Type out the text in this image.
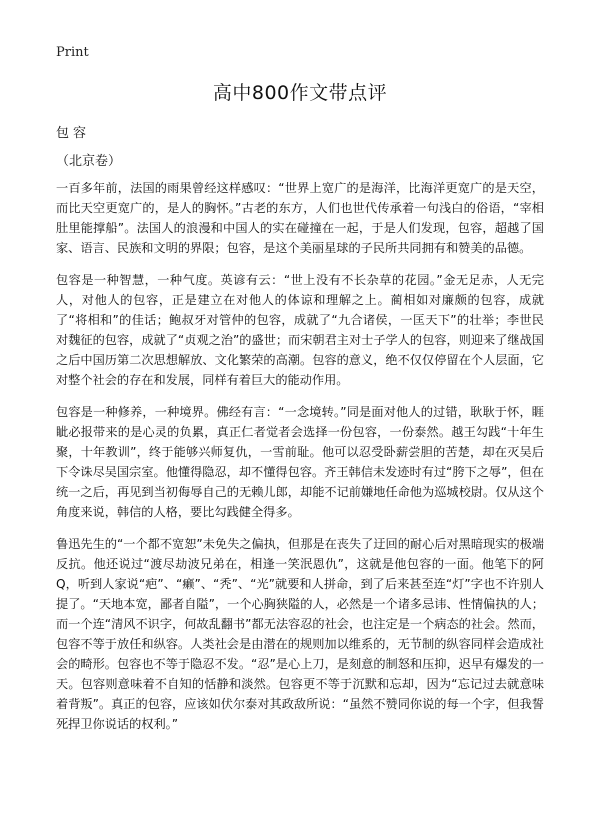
Print
高中800作文带点评
包容
（北京卷）

一百多年前，法国的雨果曾经这样感叹：“世界上宽广的是海洋，比海洋更宽广的是天空，而比天空更宽广的，是人的胸怀。”古老的东方，人们也世代传承着一句浅白的俗语，“宰相肚里能撑船”。法国人的浪漫和中国人的实在碰撞在一起，于是人们发现，包容，超越了国家、语言、民族和文明的界限；包容，是这个美丽星球的子民所共同拥有和赞美的品德。

包容是一种智慧，一种气度。英谚有云：“世上没有不长杂草的花园。”金无足赤，人无完人，对他人的包容，正是建立在对他人的体谅和理解之上。蔺相如对廉颇的包容，成就了“将相和”的佳话；鲍叔牙对管仲的包容，成就了“九合诸侯，一匡天下”的壮举；李世民对魏征的包容，成就了“贞观之治”的盛世；而宋朝君主对士子学人的包容，则迎来了继战国之后中国历第二次思想解放、文化繁荣的高潮。包容的意义，绝不仅仅停留在个人层面，它对整个社会的存在和发展，同样有着巨大的能动作用。

包容是一种修养，一种境界。佛经有言：“一念境转。”同是面对他人的过错，耿耿于怀，睚眦必报带来的是心灵的负累，真正仁者觉者会选择一份包容，一份泰然。越王勾践“十年生聚，十年教训”，终于能够兴师复仇，一雪前耻。他可以忍受卧薪尝胆的苦楚，却在灭吴后下令诛尽吴国宗室。他懂得隐忍，却不懂得包容。齐王韩信未发迹时有过“胯下之辱”，但在统一之后，再见到当初侮辱自己的无赖儿郎，却能不记前嫌地任命他为巡城校尉。仅从这个角度来说，韩信的人格，要比勾践健全得多。

鲁迅先生的“一个都不宽恕”未免失之偏执，但那是在丧失了迂回的耐心后对黑暗现实的极端反抗。他还说过“渡尽劫波兄弟在，相逢一笑泯恩仇”，这就是他包容的一面。他笔下的阿Q，听到人家说“疤”、“癞”、“秃”、“光”就要和人拼命，到了后来甚至连“灯”字也不许别人提了。“天地本宽，鄙者自隘”，一个心胸狭隘的人，必然是一个诸多忌讳、性情偏执的人；而一个连“清风不识字，何故乱翻书”都无法容忍的社会，也注定是一个病态的社会。然而，包容不等于放任和纵容。人类社会是由潜在的规则加以维系的，无节制的纵容同样会造成社会的畸形。包容也不等于隐忍不发。“忍”是心上刀，是刻意的制怒和压抑，迟早有爆发的一天。包容则意味着不自知的恬静和淡然。包容更不等于沉默和忘却，因为“忘记过去就意味着背叛”。真正的包容，应该如伏尔泰对其政敌所说：“虽然不赞同你说的每一个字，但我誓死捍卫你说话的权利。”
